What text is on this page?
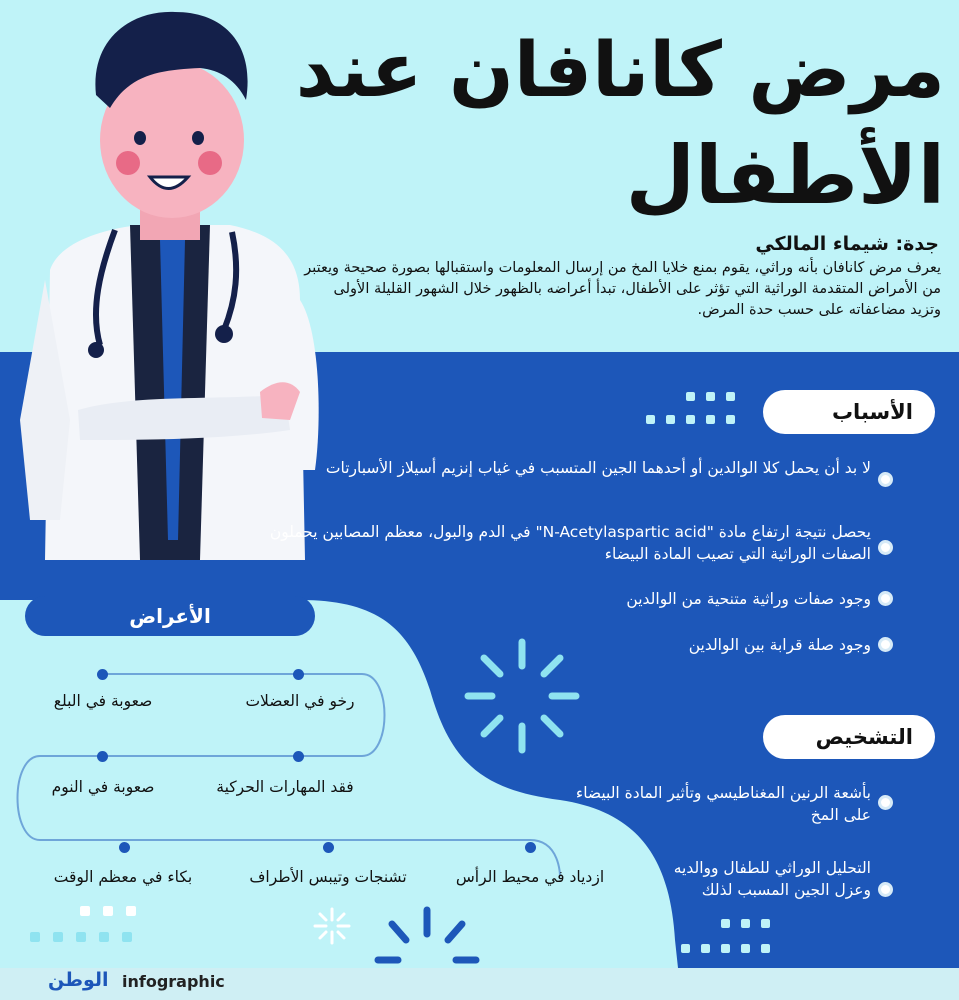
مرض كانافان عند
الأطفال
جدة: شيماء المالكي
يعرف مرض كانافان بأنه وراثي، يقوم بمنع خلايا المخ من إرسال المعلومات واستقبالها بصورة صحيحة ويعتبر من الأمراض المتقدمة الوراثية التي تؤثر على الأطفال، تبدأ أعراضه بالظهور خلال الشهور القليلة الأولى وتزيد مضاعفاته على حسب حدة المرض.
الأسباب
لا بد أن يحمل كلا الوالدين أو أحدهما الجين المتسبب في غياب إنزيم أسيلاز الأسبارتات
يحصل نتيجة ارتفاع مادة "N-Acetylaspartic acid" في الدم والبول، معظم المصابين يحملون الصفات الوراثية التي تصيب المادة البيضاء
وجود صفات وراثية متنحية من الوالدين
وجود صلة قرابة بين الوالدين
التشخيص
بأشعة الرنين المغناطيسي وتأثير المادة البيضاء على المخ
التحليل الوراثي للطفال ووالديه وعزل الجين المسبب لذلك
الأعراض
رخو في العضلات
صعوبة في البلع
فقد المهارات الحركية
صعوبة في النوم
ازدياد في محيط الرأس
تشنجات وتيبس الأطراف
بكاء في معظم الوقت
infographic
الوطن
